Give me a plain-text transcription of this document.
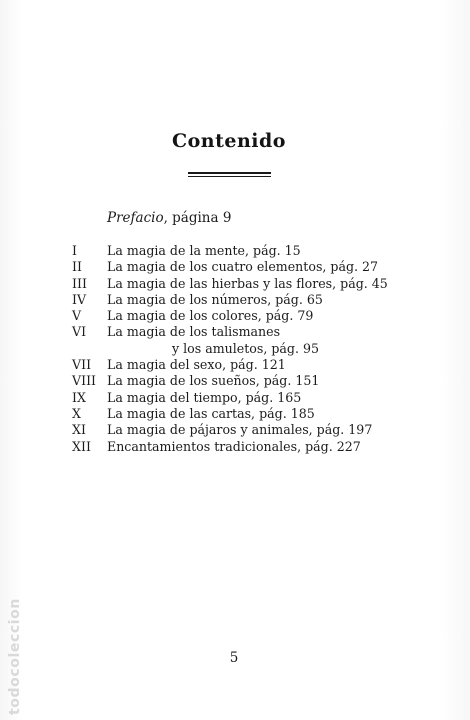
Contenido
Prefacio, página 9
I	La magia de la mente, pág. 15
II	La magia de los cuatro elementos, pág. 27
III	La magia de las hierbas y las flores, pág. 45
IV	La magia de los números, pág. 65
V	La magia de los colores, pág. 79
VI	La magia de los talismanes
y los amuletos, pág. 95
VII	La magia del sexo, pág. 121
VIII La magia de los sueños, pág. 151
IX	La magia del tiempo, pág. 165
X	La magia de las cartas, pág. 185
XI	La magia de pájaros y animales, pág. 197
XII	Encantamientos tradicionales, pág. 227
todocoleccion	5
